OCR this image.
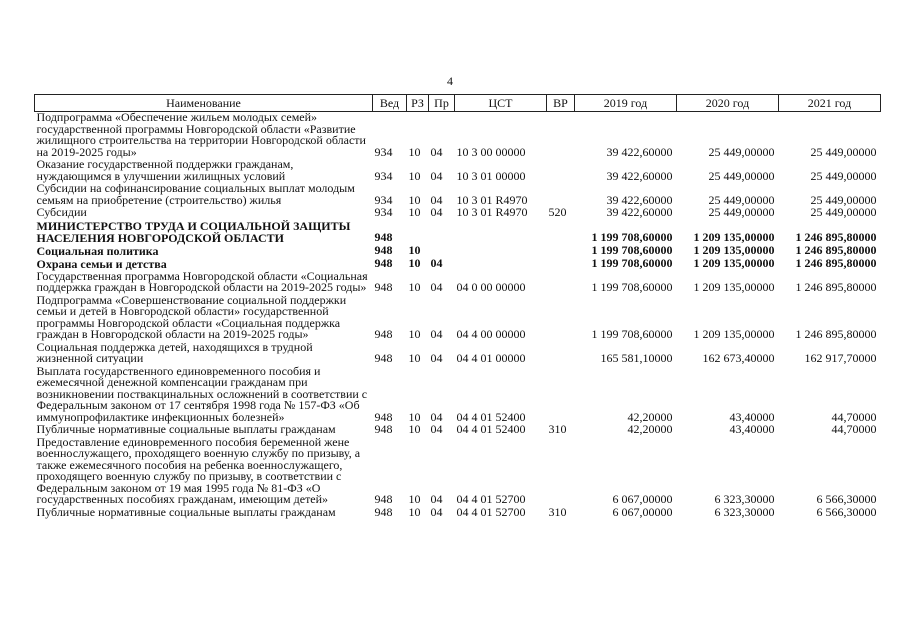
4
Наименование	Вед	РЗ	Пр	ЦСТ	ВР	2019 год	2020 год	2021 год
Подпрограмма «Обеспечение жильем молодых семей» государственной программы Новгородской области «Развитие жилищного строительства на территории Новгородской области на 2019-2025 годы»	934	10	04	10 3 00 00000		39 422,60000	25 449,00000	25 449,00000
Оказание государственной поддержки гражданам, нуждающимся в улучшении жилищных условий	934	10	04	10 3 01 00000		39 422,60000	25 449,00000	25 449,00000
Субсидии на софинансирование социальных выплат молодым семьям на приобретение (строительство) жилья	934	10	04	10 3 01 R4970		39 422,60000	25 449,00000	25 449,00000
Субсидии	934	10	04	10 3 01 R4970	520	39 422,60000	25 449,00000	25 449,00000
МИНИСТЕРСТВО ТРУДА И СОЦИАЛЬНОЙ ЗАЩИТЫ НАСЕЛЕНИЯ НОВГОРОДСКОЙ ОБЛАСТИ	948					1 199 708,60000	1 209 135,00000	1 246 895,80000
Социальная политика	948	10				1 199 708,60000	1 209 135,00000	1 246 895,80000
Охрана семьи и детства	948	10	04			1 199 708,60000	1 209 135,00000	1 246 895,80000
Государственная программа Новгородской области «Социальная поддержка граждан в Новгородской области на 2019-2025 годы»	948	10	04	04 0 00 00000		1 199 708,60000	1 209 135,00000	1 246 895,80000
Подпрограмма «Совершенствование социальной поддержки семьи и детей в Новгородской области» государственной программы Новгородской области «Социальная поддержка граждан в Новгородской области на 2019-2025 годы»	948	10	04	04 4 00 00000		1 199 708,60000	1 209 135,00000	1 246 895,80000
Социальная поддержка детей, находящихся в трудной жизненной ситуации	948	10	04	04 4 01 00000		165 581,10000	162 673,40000	162 917,70000
Выплата государственного единовременного пособия и ежемесячной денежной компенсации гражданам при возникновении поствакцинальных осложнений в соответствии с Федеральным законом от 17 сентября 1998 года № 157-ФЗ «Об иммунопрофилактике инфекционных болезней»	948	10	04	04 4 01 52400		42,20000	43,40000	44,70000
Публичные нормативные социальные выплаты гражданам	948	10	04	04 4 01 52400	310	42,20000	43,40000	44,70000
Предоставление единовременного пособия беременной жене военнослужащего, проходящего военную службу по призыву, а также ежемесячного пособия на ребенка военнослужащего, проходящего военную службу по призыву, в соответствии с Федеральным законом от 19 мая 1995 года № 81-ФЗ «О государственных пособиях гражданам, имеющим детей»	948	10	04	04 4 01 52700		6 067,00000	6 323,30000	6 566,30000
Публичные нормативные социальные выплаты гражданам	948	10	04	04 4 01 52700	310	6 067,00000	6 323,30000	6 566,30000
